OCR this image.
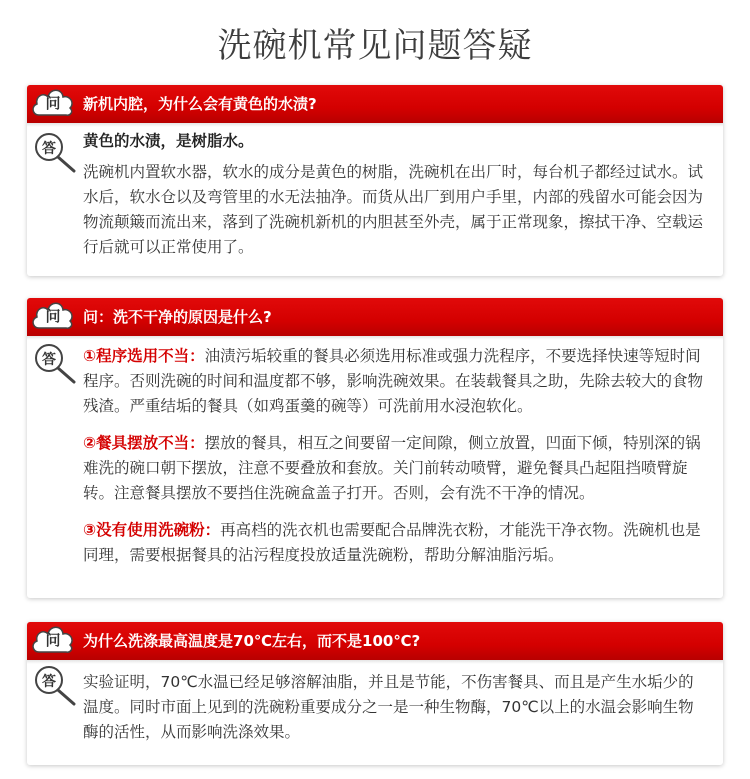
洗碗机常见问题答疑
问	新机内腔，为什么会有黄色的水渍?
答	黄色的水渍，是树脂水。

洗碗机内置软水器，软水的成分是黄色的树脂，洗碗机在出厂时，每台机子都经过试水。试水后，软水仓以及弯管里的水无法抽净。而货从出厂到用户手里，内部的残留水可能会因为物流颠簸而流出来，落到了洗碗机新机的内胆甚至外壳，属于正常现象，擦拭干净、空载运行后就可以正常使用了。

问	问：洗不干净的原因是什么?
答	①程序选用不当：油渍污垢较重的餐具必须选用标准或强力洗程序，不要选择快速等短时间程序。否则洗碗的时间和温度都不够，影响洗碗效果。在装载餐具之助，先除去较大的食物残渣。严重结垢的餐具（如鸡蛋羹的碗等）可洗前用水浸泡软化。

②餐具摆放不当：摆放的餐具，相互之间要留一定间隙，侧立放置，凹面下倾，特别深的锅难洗的碗口朝下摆放，注意不要叠放和套放。关门前转动喷臂，避免餐具凸起阻挡喷臂旋转。注意餐具摆放不要挡住洗碗盒盖子打开。否则，会有洗不干净的情况。

③没有使用洗碗粉：再高档的洗衣机也需要配合品牌洗衣粉，才能洗干净衣物。洗碗机也是同理，需要根据餐具的沾污程度投放适量洗碗粉，帮助分解油脂污垢。

问	为什么洗涤最高温度是70℃左右，而不是100℃?
答	实验证明，70℃水温已经足够溶解油脂，并且是节能，不伤害餐具、而且是产生水垢少的温度。同时市面上见到的洗碗粉重要成分之一是一种生物酶，70℃以上的水温会影响生物酶的活性，从而影响洗涤效果。
